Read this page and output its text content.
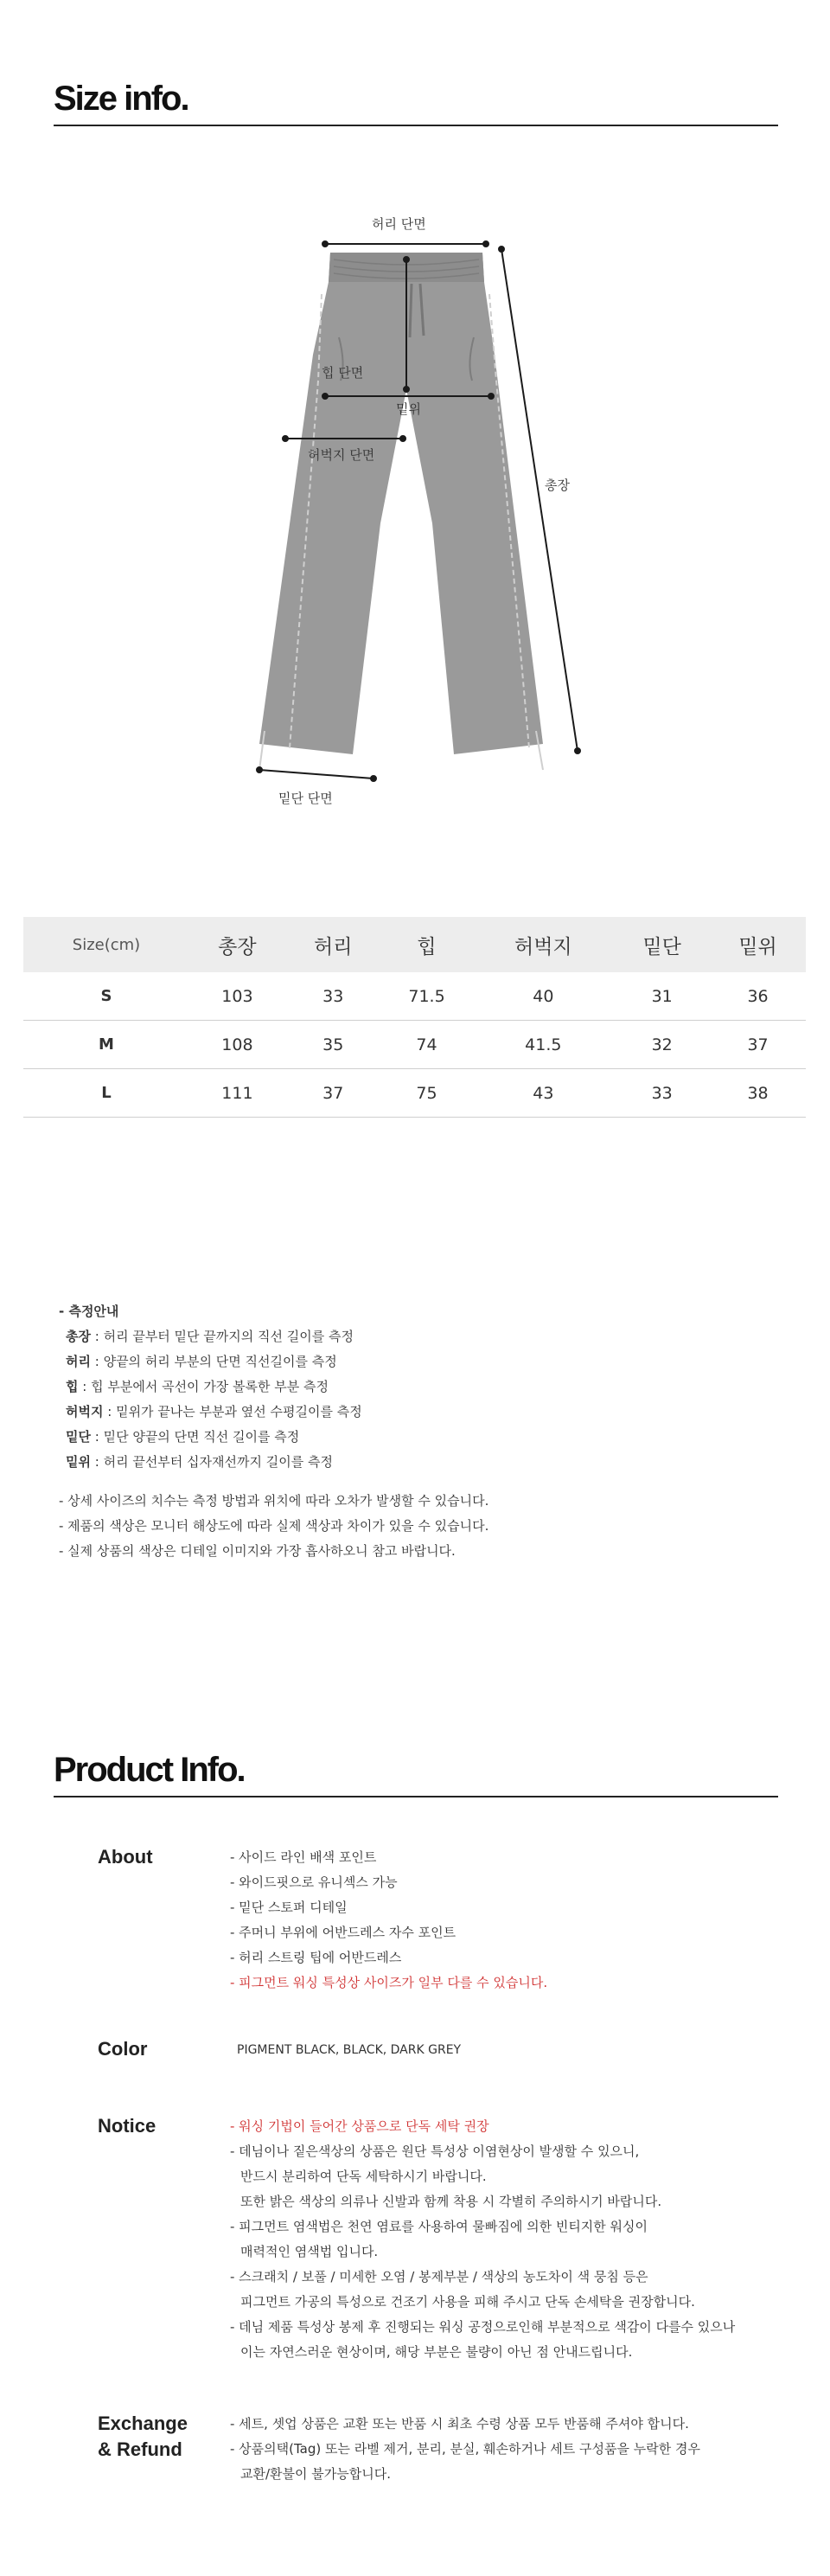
Size info.
허리 단면
힙 단면
밑위
허벅지 단면
총장
밑단 단면
Size(cm)	총장	허리	힙	허벅지	밑단	밑위
S	103	33	71.5	40	31	36
M	108	35	74	41.5	32	37
L	111	37	75	43	33	38
- 측정안내
총장 : 허리 끝부터 밑단 끝까지의 직선 길이를 측정
허리 : 양끝의 허리 부분의 단면 직선길이를 측정
힙 : 힙 부분에서 곡선이 가장 볼록한 부분 측정
허벅지 : 밑위가 끝나는 부분과 옆선 수평길이를 측정
밑단 : 밑단 양끝의 단면 직선 길이를 측정
밑위 : 허리 끝선부터 십자재선까지 길이를 측정
- 상세 사이즈의 치수는 측정 방법과 위치에 따라 오차가 발생할 수 있습니다.
- 제품의 색상은 모니터 해상도에 따라 실제 색상과 차이가 있을 수 있습니다.
- 실제 상품의 색상은 디테일 이미지와 가장 흡사하오니 참고 바랍니다.
Product Info.
About	- 사이드 라인 배색 포인트
- 와이드핏으로 유니섹스 가능
- 밑단 스토퍼 디테일
- 주머니 부위에 어반드레스 자수 포인트
- 허리 스트링 팁에 어반드레스
- 피그먼트 워싱 특성상 사이즈가 일부 다를 수 있습니다.
Color	PIGMENT BLACK, BLACK, DARK GREY
Notice	- 워싱 기법이 들어간 상품으로 단독 세탁 권장
- 데님이나 짙은색상의 상품은 원단 특성상 이염현상이 발생할 수 있으니,
반드시 분리하여 단독 세탁하시기 바랍니다.
또한 밝은 색상의 의류나 신발과 함께 착용 시 각별히 주의하시기 바랍니다.
- 피그먼트 염색법은 천연 염료를 사용하여 물빠짐에 의한 빈티지한 워싱이
매력적인 염색법 입니다.
- 스크래치 / 보풀 / 미세한 오염 / 봉제부분 / 색상의 농도차이 색 뭉침 등은
피그먼트 가공의 특성으로 건조기 사용을 피해 주시고 단독 손세탁을 권장합니다.
- 데님 제품 특성상 봉제 후 진행되는 워싱 공정으로인해 부분적으로 색감이 다를수 있으나
이는 자연스러운 현상이며, 해당 부분은 불량이 아닌 점 안내드립니다.
Exchange
& Refund
- 세트, 셋업 상품은 교환 또는 반품 시 최초 수령 상품 모두 반품해 주셔야 합니다.
- 상품의택(Tag) 또는 라벨 제거, 분리, 분실, 훼손하거나 세트 구성품을 누락한 경우
교환/환불이 불가능합니다.
